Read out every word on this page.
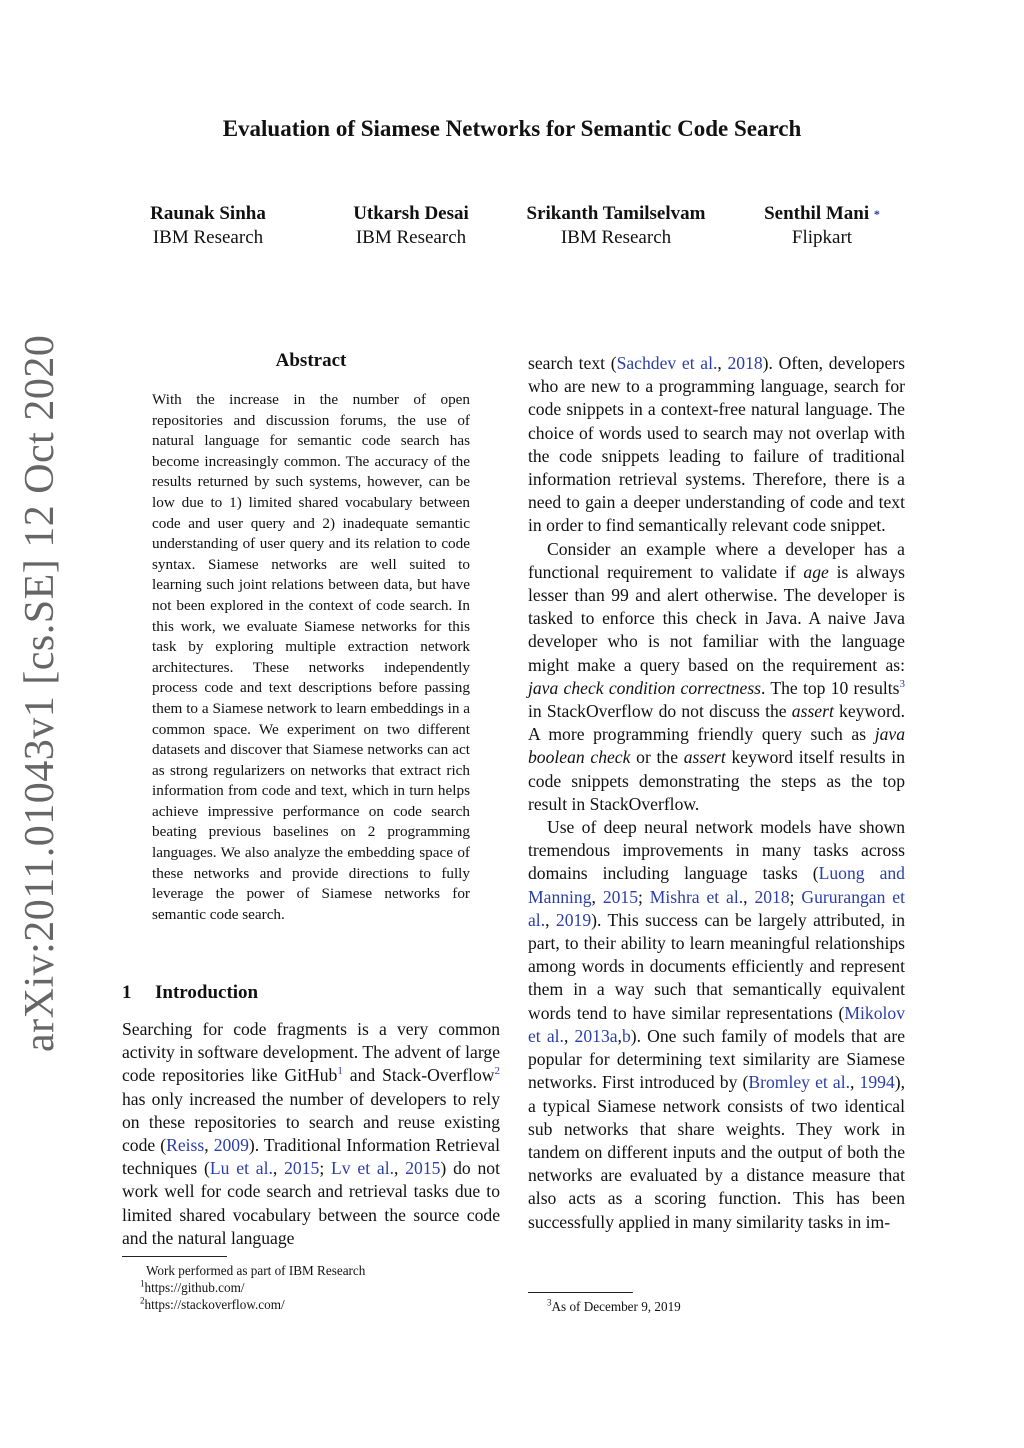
arXiv:2011.01043v1 [cs.SE] 12 Oct 2020
Evaluation of Siamese Networks for Semantic Code Search
Raunak Sinha
IBM Research
Utkarsh Desai
IBM Research
Srikanth Tamilselvam
IBM Research
Senthil Mani *
Flipkart
Abstract
With the increase in the number of open repositories and discussion forums, the use of natural language for semantic code search has become increasingly common. The accuracy of the results returned by such systems, however, can be low due to 1) limited shared vocabulary between code and user query and 2) inadequate semantic understanding of user query and its relation to code syntax. Siamese networks are well suited to learning such joint relations between data, but have not been explored in the context of code search. In this work, we evaluate Siamese networks for this task by exploring multiple extraction network architectures. These networks independently process code and text descriptions before passing them to a Siamese network to learn embeddings in a common space. We experiment on two different datasets and discover that Siamese networks can act as strong regularizers on networks that extract rich information from code and text, which in turn helps achieve impressive performance on code search beating previous baselines on 2 programming languages. We also analyze the embedding space of these networks and provide directions to fully leverage the power of Siamese networks for semantic code search.
1 Introduction
Searching for code fragments is a very common activity in software development. The advent of large code repositories like GitHub$^1$ and Stack-Overflow$^2$ has only increased the number of developers to rely on these repositories to search and reuse existing code (Reiss, 2009). Traditional Information Retrieval techniques (Lu et al., 2015; Lv et al., 2015) do not work well for code search and retrieval tasks due to limited shared vocabulary between the source code and the natural language
Work performed as part of IBM Research
$^1$https://github.com/
$^2$https://stackoverflow.com/

search text (Sachdev et al., 2018). Often, developers who are new to a programming language, search for code snippets in a context-free natural language. The choice of words used to search may not overlap with the code snippets leading to failure of traditional information retrieval systems. Therefore, there is a need to gain a deeper understanding of code and text in order to find semantically relevant code snippet.

Consider an example where a developer has a functional requirement to validate if age is always lesser than 99 and alert otherwise. The developer is tasked to enforce this check in Java. A naive Java developer who is not familiar with the language might make a query based on the requirement as: java check condition correctness. The top 10 results$^3$ in StackOverflow do not discuss the assert keyword. A more programming friendly query such as java boolean check or the assert keyword itself results in code snippets demonstrating the steps as the top result in StackOverflow.

Use of deep neural network models have shown tremendous improvements in many tasks across domains including language tasks (Luong and Manning, 2015; Mishra et al., 2018; Gururangan et al., 2019). This success can be largely attributed, in part, to their ability to learn meaningful relationships among words in documents efficiently and represent them in a way such that semantically equivalent words tend to have similar representations (Mikolov et al., 2013a,b). One such family of models that are popular for determining text similarity are Siamese networks. First introduced by (Bromley et al., 1994), a typical Siamese network consists of two identical sub networks that share weights. They work in tandem on different inputs and the output of both the networks are evaluated by a distance measure that also acts as a scoring function. This has been successfully applied in many similarity tasks in im-

$^3$As of December 9, 2019
